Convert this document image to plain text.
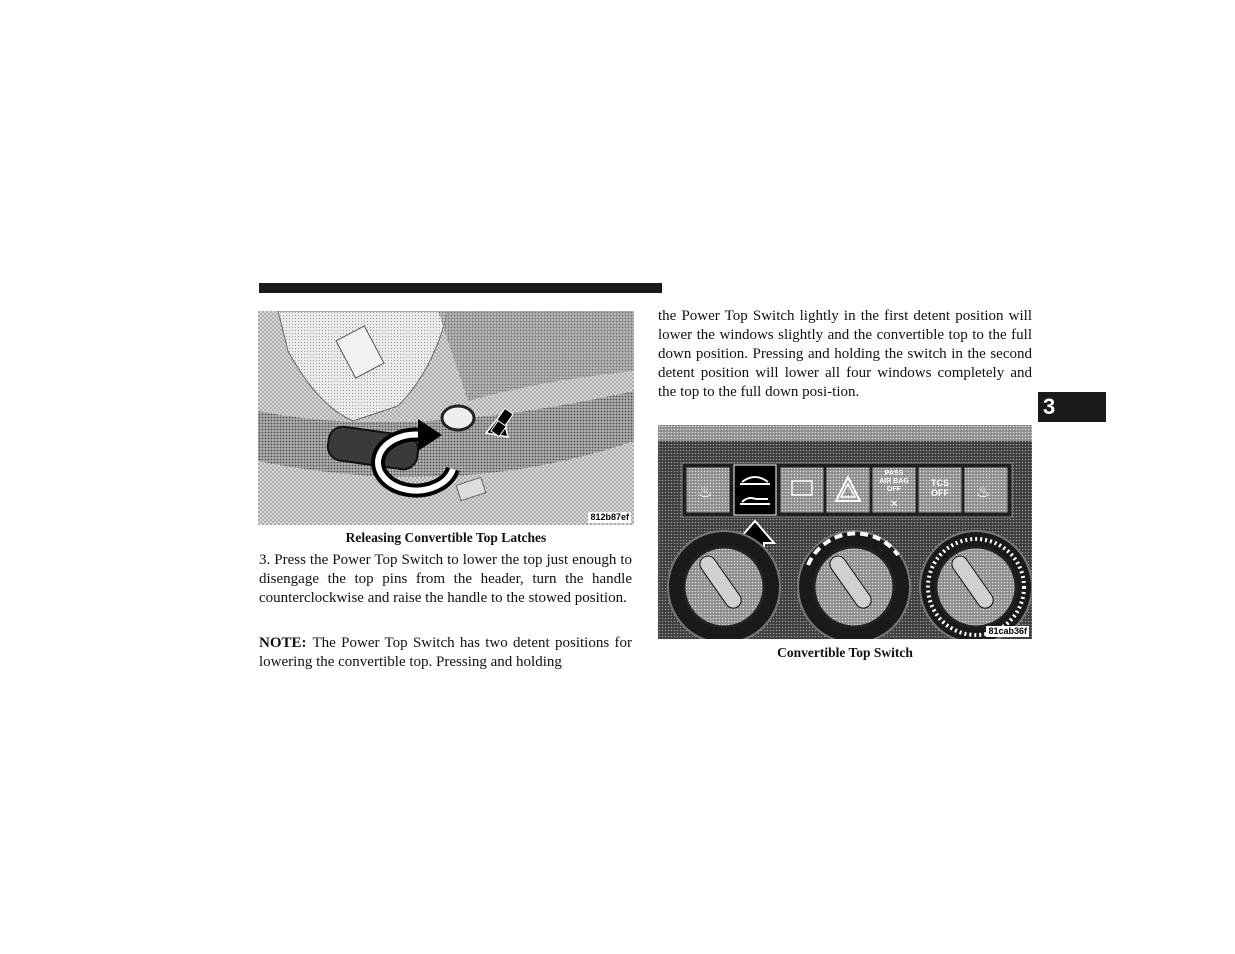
3
812b87ef
Releasing Convertible Top Latches

3. Press the Power Top Switch to lower the top just enough to disengage the top pins from the header, turn the handle counterclockwise and raise the handle to the stowed position.

NOTE: The Power Top Switch has two detent positions for lowering the convertible top. Pressing and holding

the Power Top Switch lightly in the first detent position will lower the windows slightly and the convertible top to the full down position. Pressing and holding the switch in the second detent position will lower all four windows completely and the top to the full down posi-tion.

PASS
AIR BAG
OFF
TCS
OFF
✕
♨	♨
81cab36f
Convertible Top Switch
